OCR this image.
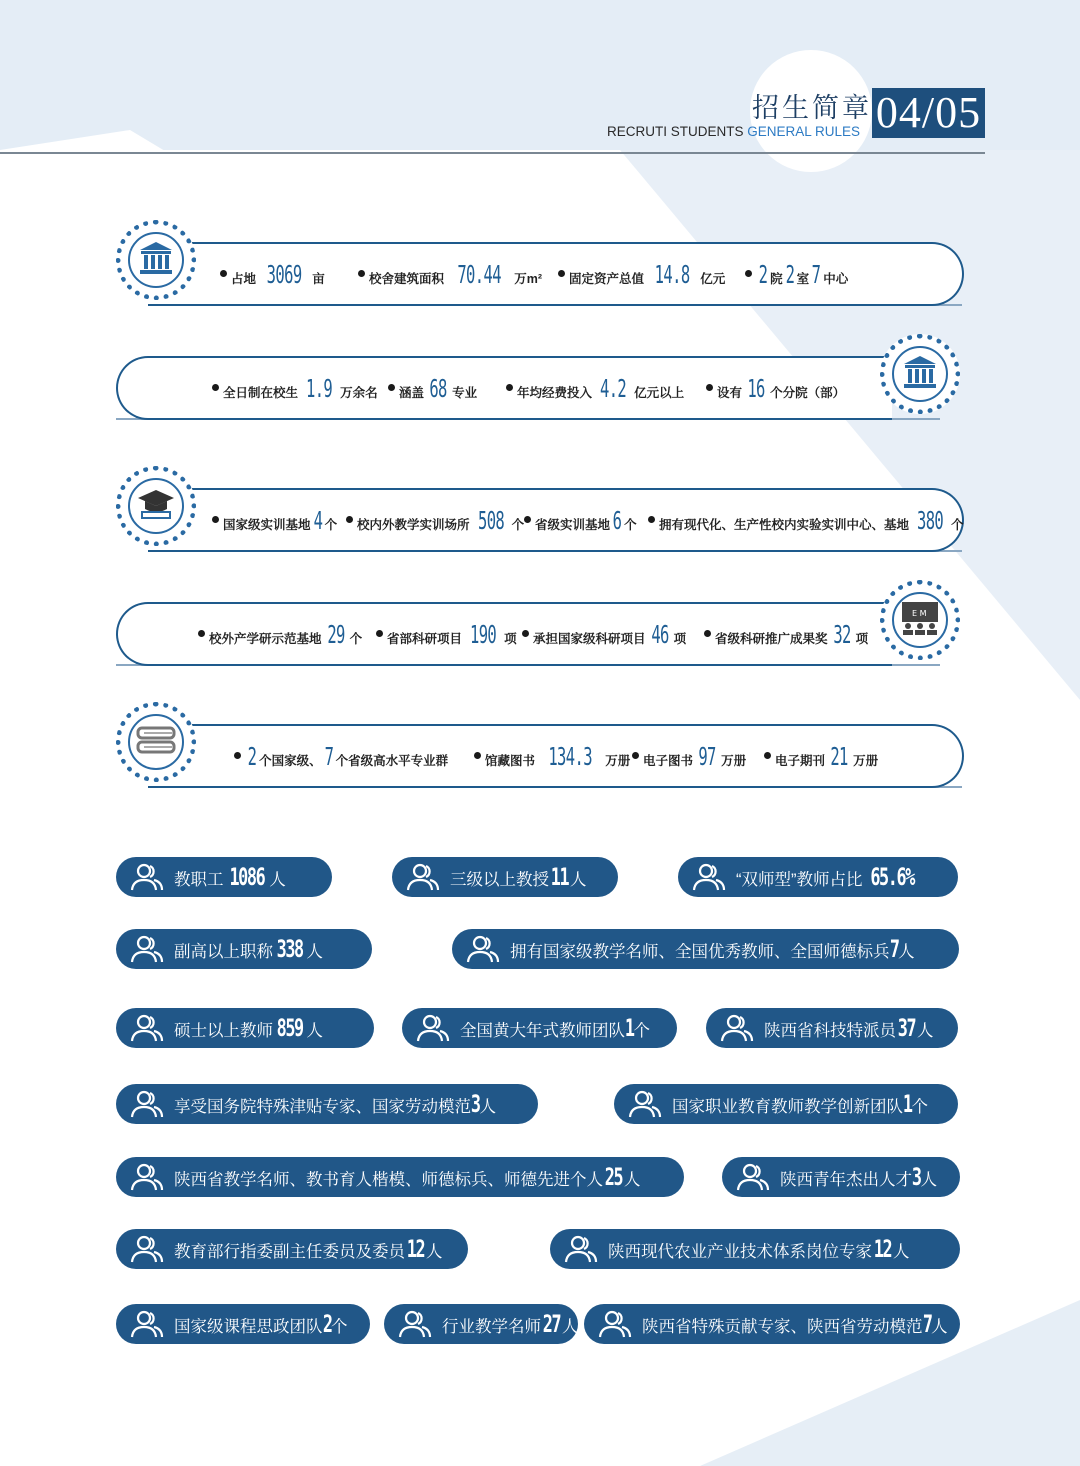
招生简章 04/05
RECRUTI STUDENTS GENERAL RULES
占地 3069 亩	校舍建筑面积 70.44 万m² 固定资产总值 14.8 亿元 2 院 2 室 7 中心
全日制在校生 1.9 万余名 涵盖 68 专业	年均经费投入 4.2 亿元以上	设有 16 个分院（部）
国家级实训基地 4 个 校内外教学实训场所 508 个 省级实训基地 6 个 拥有现代化、生产性校内实验实训中心、基地 380 个
E M
校外产学研示范基地 29 个 省部科研项目 190 项 承担国家级科研项目 46 项 省级科研推广成果奖 32 项
2 个国家级、 7 个省级高水平专业群	馆藏图书 134.3 万册 电子图书 97 万册 电子期刊 21 万册
教职工 1086 人	三级以上教授11 人	“双师型”教师占比 65.6%
副高以上职称 338 人	拥有国家级教学名师、全国优秀教师、全国师德标兵7人
硕士以上教师 859 人	全国黄大年式教师团队1个	陕西省科技特派员37 人
享受国务院特殊津贴专家、国家劳动模范3人	国家职业教育教师教学创新团队1个
陕西省教学名师、教书育人楷模、师德标兵、师德先进个人25 人	陕西青年杰出人才3人
教育部行指委副主任委员及委员12 人	陕西现代农业产业技术体系岗位专家12 人
国家级课程思政团队2个	行业教学名师27 人	陕西省特殊贡献专家、陕西省劳动模范7人
